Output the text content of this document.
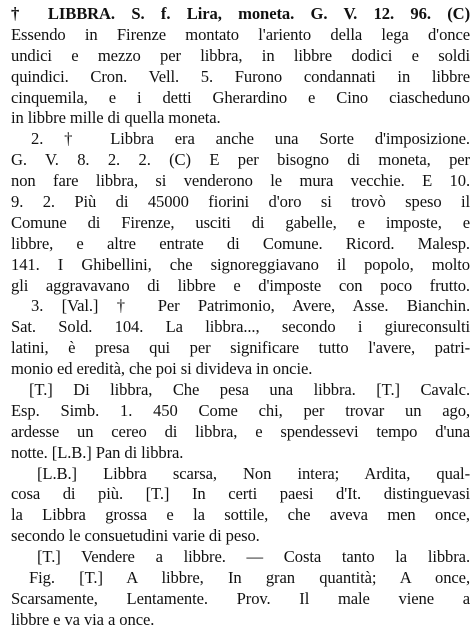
† LIBBRA. S. f. Lira, moneta. G. V. 12. 96. (C)
Essendo in Firenze montato l'ariento della lega d'once
undici e mezzo per libbra, in libbre dodici e soldi
quindici. Cron. Vell. 5. Furono condannati in libbre
cinquemila, e i detti Gherardino e Cino ciascheduno
in libbre mille di quella moneta.
2. † Libbra era anche una Sorte d'imposizione.
G. V. 8. 2. 2. (C) E per bisogno di moneta, per
non fare libbra, si venderono le mura vecchie. E 10.
9. 2. Più di 45000 fiorini d'oro si trovò speso il
Comune di Firenze, usciti di gabelle, e imposte, e
libbre, e altre entrate di Comune. Ricord. Malesp.
141. I Ghibellini, che signoreggiavano il popolo, molto
gli aggravavano di libbre e d'imposte con poco frutto.
3. [Val.] † Per Patrimonio, Avere, Asse. Bianchin.
Sat. Sold. 104. La libbra..., secondo i giureconsulti
latini, è presa qui per significare tutto l'avere, patri-
monio ed eredità, che poi si divideva in oncie.
[T.] Di libbra, Che pesa una libbra. [T.] Cavalc.
Esp. Simb. 1. 450 Come chi, per trovar un ago,
ardesse un cereo di libbra, e spendessevi tempo d'una
notte. [L.B.] Pan di libbra.
[L.B.] Libbra scarsa, Non intera; Ardita, qual-
cosa di più. [T.] In certi paesi d'It. distinguevasi
la Libbra grossa e la sottile, che aveva men once,
secondo le consuetudini varie di peso.
[T.] Vendere a libbre. — Costa tanto la libbra.
Fig. [T.] A libbre, In gran quantità; A once,
Scarsamente, Lentamente. Prov. Il male viene a
libbre e va via a once.
